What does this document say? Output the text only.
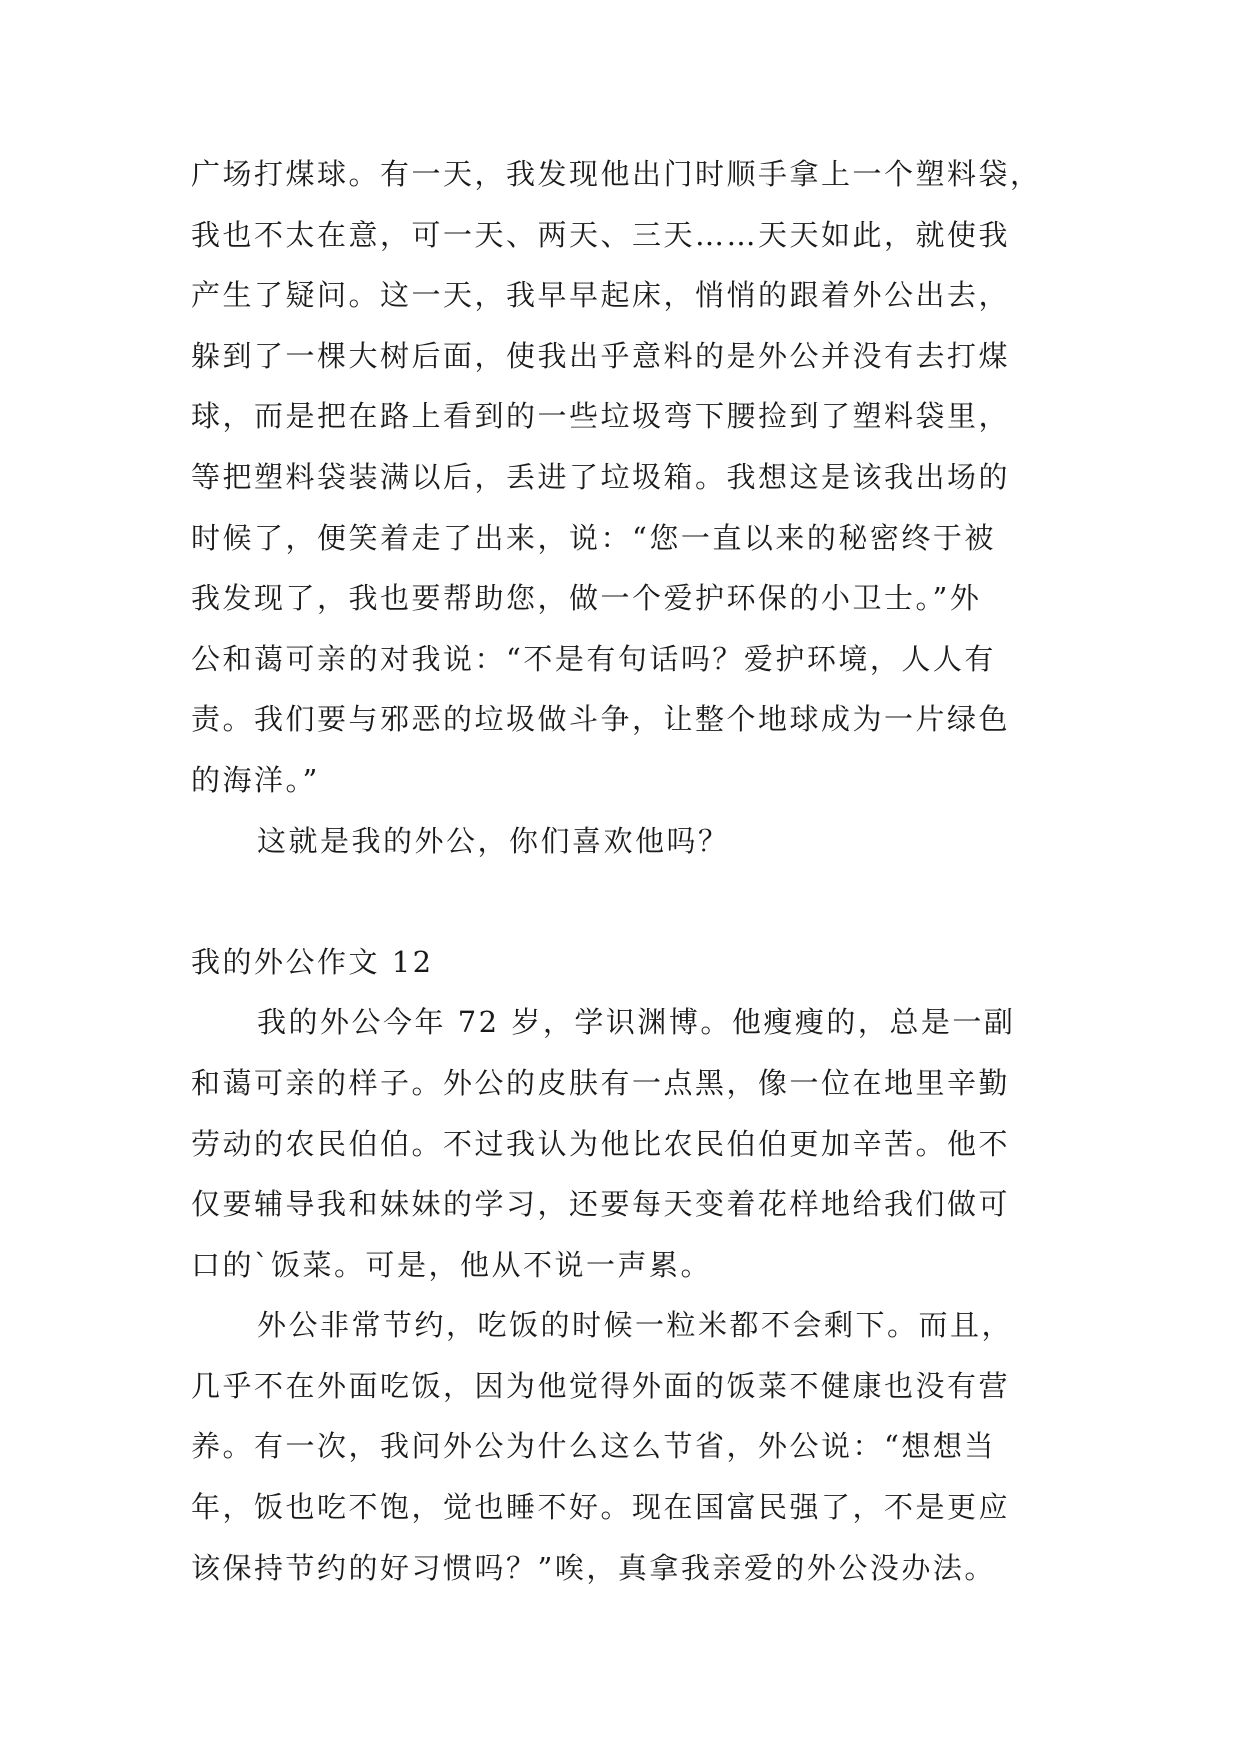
广场打煤球。有一天，我发现他出门时顺手拿上一个塑料袋，
我也不太在意，可一天、两天、三天……天天如此，就使我
产生了疑问。这一天，我早早起床，悄悄的跟着外公出去，
躲到了一棵大树后面，使我出乎意料的是外公并没有去打煤
球，而是把在路上看到的一些垃圾弯下腰捡到了塑料袋里，
等把塑料袋装满以后，丢进了垃圾箱。我想这是该我出场的
时候了，便笑着走了出来，说：“您一直以来的秘密终于被
我发现了，我也要帮助您，做一个爱护环保的小卫士。”外
公和蔼可亲的对我说：“不是有句话吗？爱护环境，人人有
责。我们要与邪恶的垃圾做斗争，让整个地球成为一片绿色
的海洋。”
这就是我的外公，你们喜欢他吗？
我的外公作文 12
我的外公今年 72 岁，学识渊博。他瘦瘦的，总是一副
和蔼可亲的样子。外公的皮肤有一点黑，像一位在地里辛勤
劳动的农民伯伯。不过我认为他比农民伯伯更加辛苦。他不
仅要辅导我和妹妹的学习，还要每天变着花样地给我们做可
口的`饭菜。可是，他从不说一声累。
外公非常节约，吃饭的时候一粒米都不会剩下。而且，
几乎不在外面吃饭，因为他觉得外面的饭菜不健康也没有营
养。有一次，我问外公为什么这么节省，外公说：“想想当
年，饭也吃不饱，觉也睡不好。现在国富民强了，不是更应
该保持节约的好习惯吗？”唉，真拿我亲爱的外公没办法。
